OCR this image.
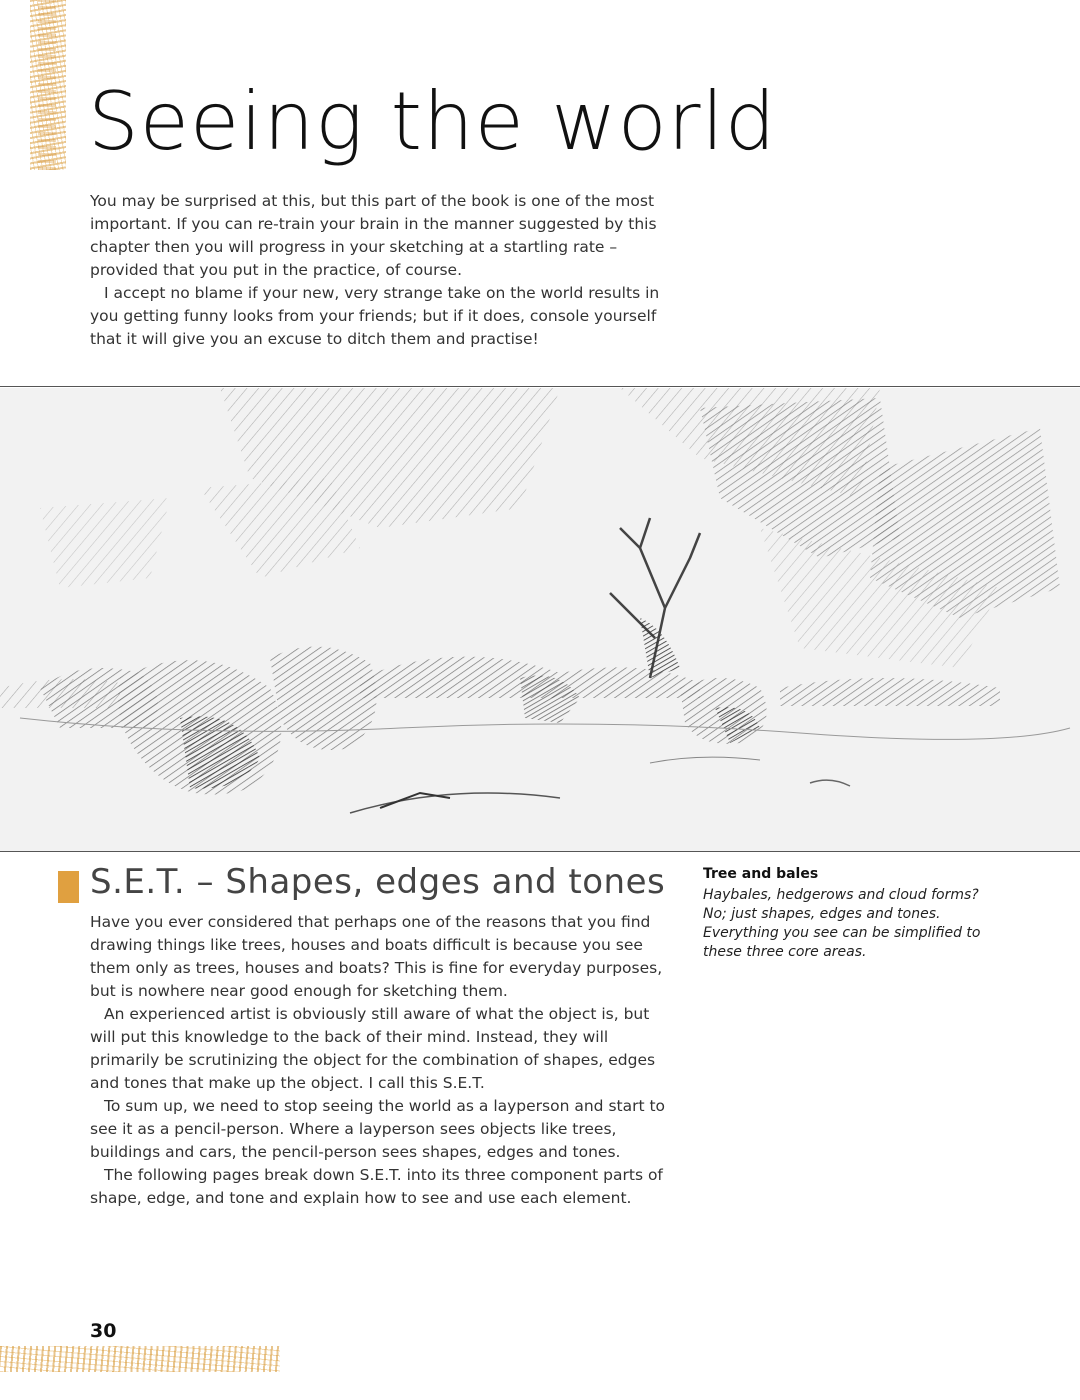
Seeing the world

You may be surprised at this, but this part of the book is one of the most important. If you can re-train your brain in the manner suggested by this chapter then you will progress in your sketching at a startling rate – provided that you put in the practice, of course.

I accept no blame if your new, very strange take on the world results in you getting funny looks from your friends; but if it does, console yourself that it will give you an excuse to ditch them and practise!

S.E.T. – Shapes, edges and tones

Have you ever considered that perhaps one of the reasons that you find drawing things like trees, houses and boats difficult is because you see them only as trees, houses and boats? This is fine for everyday purposes, but is nowhere near good enough for sketching them.

An experienced artist is obviously still aware of what the object is, but will put this knowledge to the back of their mind. Instead, they will primarily be scrutinizing the object for the combination of shapes, edges and tones that make up the object. I call this S.E.T.

To sum up, we need to stop seeing the world as a layperson and start to see it as a pencil-person. Where a layperson sees objects like trees, buildings and cars, the pencil-person sees shapes, edges and tones.

The following pages break down S.E.T. into its three component parts of shape, edge, and tone and explain how to see and use each element.

Tree and bales

Haybales, hedgerows and cloud forms? No; just shapes, edges and tones. Everything you see can be simplified to these three core areas.

30
